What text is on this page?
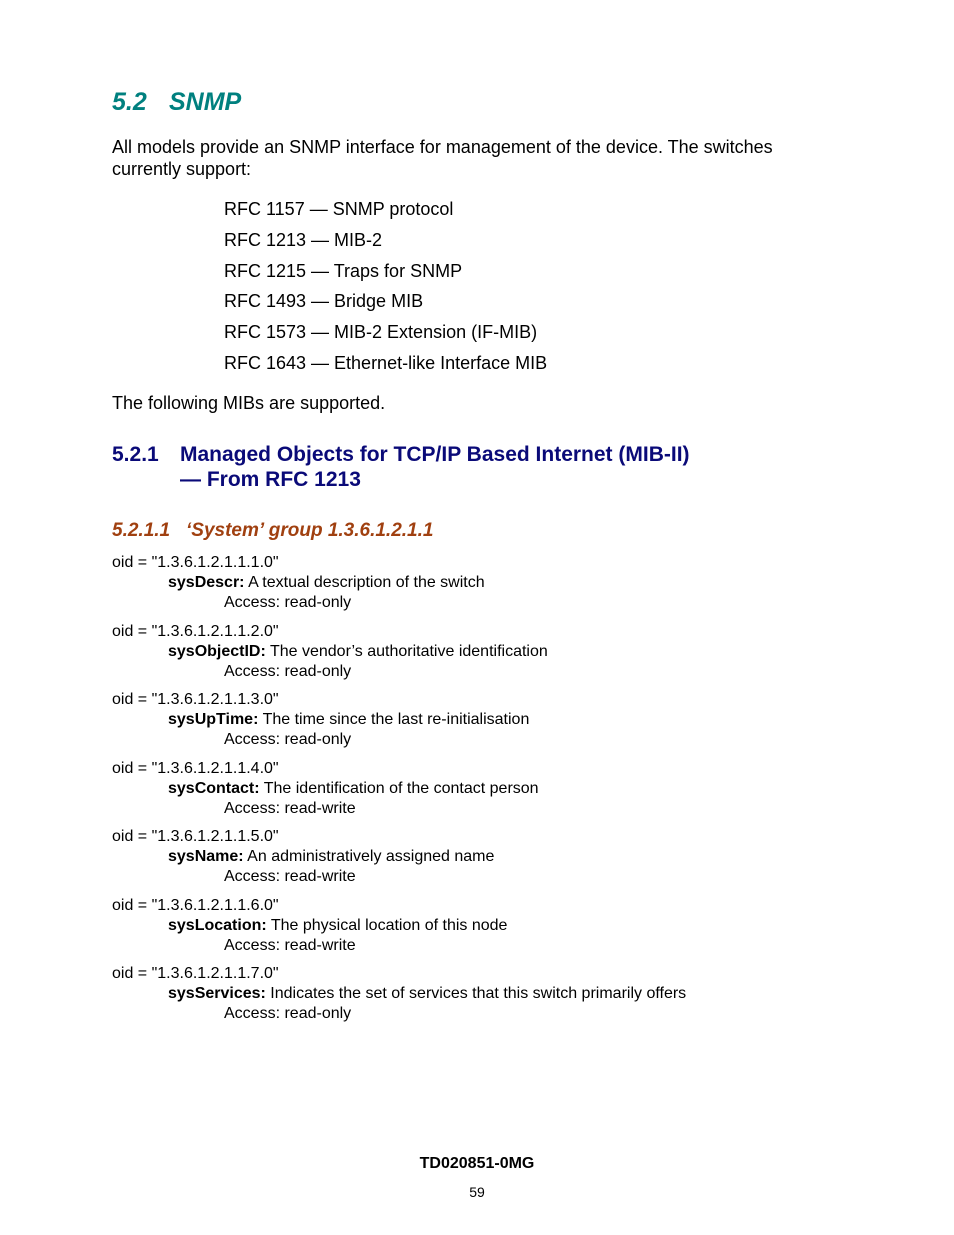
5.2 SNMP
All models provide an SNMP interface for management of the device. The switches currently support:
RFC 1157 — SNMP protocol
RFC 1213 — MIB-2
RFC 1215 — Traps for SNMP
RFC 1493 — Bridge MIB
RFC 1573 — MIB-2 Extension (IF-MIB)
RFC 1643 — Ethernet-like Interface MIB
The following MIBs are supported.
5.2.1 Managed Objects for TCP/IP Based Internet (MIB-II)
— From RFC 1213
5.2.1.1 ‘System’ group 1.3.6.1.2.1.1
oid = "1.3.6.1.2.1.1.1.0"
sysDescr: A textual description of the switch
Access: read-only
oid = "1.3.6.1.2.1.1.2.0"
sysObjectID: The vendor’s authoritative identification
Access: read-only
oid = "1.3.6.1.2.1.1.3.0"
sysUpTime: The time since the last re-initialisation
Access: read-only
oid = "1.3.6.1.2.1.1.4.0"
sysContact: The identification of the contact person
Access: read-write
oid = "1.3.6.1.2.1.1.5.0"
sysName: An administratively assigned name
Access: read-write
oid = "1.3.6.1.2.1.1.6.0"
sysLocation: The physical location of this node
Access: read-write
oid = "1.3.6.1.2.1.1.7.0"
sysServices: Indicates the set of services that this switch primarily offers
Access: read-only
TD020851-0MG
59
